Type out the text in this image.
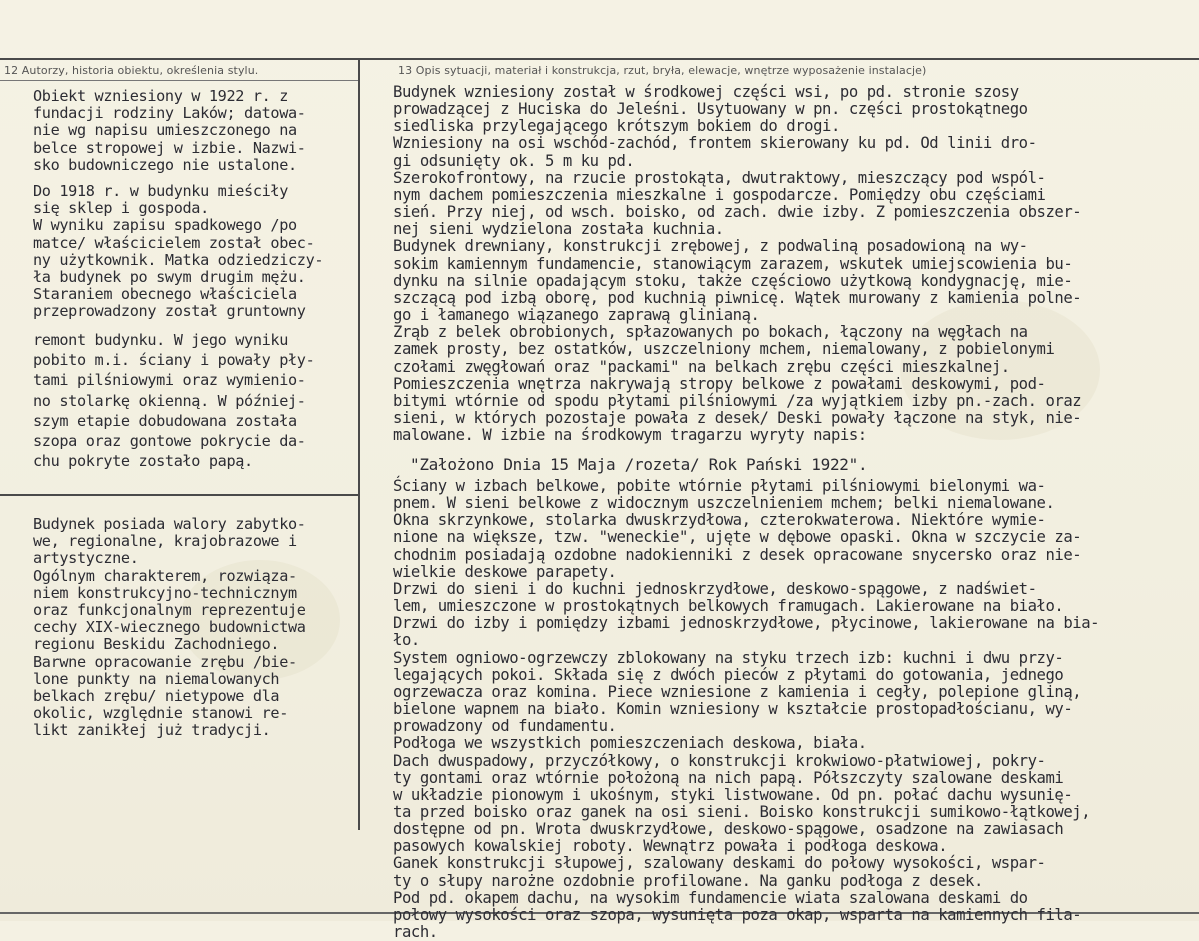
12 Autorzy, historia obiektu, określenia stylu.	13 Opis sytuacji, materiał i konstrukcja, rzut, bryła, elewacje, wnętrze wyposażenie instalacje)
Obiekt wzniesiony w 1922 r. z
fundacji rodziny Laków; datowa-
nie wg napisu umieszczonego na
belce stropowej w izbie. Nazwi-
sko budowniczego nie ustalone.
Do 1918 r. w budynku mieściły
się sklep i gospoda.
W wyniku zapisu spadkowego /po
matce/ właścicielem został obec-
ny użytkownik. Matka odziedziczy-
ła budynek po swym drugim mężu.
Staraniem obecnego właściciela
przeprowadzony został gruntowny
remont budynku. W jego wyniku
pobito m.i. ściany i powały pły-
tami pilśniowymi oraz wymienio-
no stolarkę okienną. W później-
szym etapie dobudowana została
szopa oraz gontowe pokrycie da-
chu pokryte zostało papą.
Budynek posiada walory zabytko-
we, regionalne, krajobrazowe i
artystyczne.
Ogólnym charakterem, rozwiąza-
niem konstrukcyjno-technicznym
oraz funkcjonalnym reprezentuje
cechy XIX-wiecznego budownictwa
regionu Beskidu Zachodniego.
Barwne opracowanie zrębu /bie-
lone punkty na niemalowanych
belkach zrębu/ nietypowe dla
okolic, względnie stanowi re-
likt zanikłej już tradycji.
Budynek wzniesiony został w środkowej części wsi, po pd. stronie szosy
prowadzącej z Huciska do Jeleśni. Usytuowany w pn. części prostokątnego
siedliska przylegającego krótszym bokiem do drogi.
Wzniesiony na osi wschód-zachód, frontem skierowany ku pd. Od linii dro-
gi odsunięty ok. 5 m ku pd.
Szerokofrontowy, na rzucie prostokąta, dwutraktowy, mieszczący pod wspól-
nym dachem pomieszczenia mieszkalne i gospodarcze. Pomiędzy obu częściami
sień. Przy niej, od wsch. boisko, od zach. dwie izby. Z pomieszczenia obszer-
nej sieni wydzielona została kuchnia.
Budynek drewniany, konstrukcji zrębowej, z podwaliną posadowioną na wy-
sokim kamiennym fundamencie, stanowiącym zarazem, wskutek umiejscowienia bu-
dynku na silnie opadającym stoku, także częściowo użytkową kondygnację, mie-
szczącą pod izbą oborę, pod kuchnią piwnicę. Wątek murowany z kamienia polne-
go i łamanego wiązanego zaprawą glinianą.
Zrąb z belek obrobionych, spłazowanych po bokach, łączony na węgłach na
zamek prosty, bez ostatków, uszczelniony mchem, niemalowany, z pobielonymi
czołami zwęgłowań oraz "packami" na belkach zrębu części mieszkalnej.
Pomieszczenia wnętrza nakrywają stropy belkowe z powałami deskowymi, pod-
bitymi wtórnie od spodu płytami pilśniowymi /za wyjątkiem izby pn.-zach. oraz
sieni, w których pozostaje powała z desek/ Deski powały łączone na styk, nie-
malowane. W izbie na środkowym tragarzu wyryty napis:
"Założono Dnia 15 Maja /rozeta/ Rok Pański 1922".
Ściany w izbach belkowe, pobite wtórnie płytami pilśniowymi bielonymi wa-
pnem. W sieni belkowe z widocznym uszczelnieniem mchem; belki niemalowane.
Okna skrzynkowe, stolarka dwuskrzydłowa, czterokwaterowa. Niektóre wymie-
nione na większe, tzw. "weneckie", ujęte w dębowe opaski. Okna w szczycie za-
chodnim posiadają ozdobne nadokienniki z desek opracowane snycersko oraz nie-
wielkie deskowe parapety.
Drzwi do sieni i do kuchni jednoskrzydłowe, deskowo-spągowe, z nadświet-
lem, umieszczone w prostokątnych belkowych framugach. Lakierowane na biało.
Drzwi do izby i pomiędzy izbami jednoskrzydłowe, płycinowe, lakierowane na bia-
ło.
System ogniowo-ogrzewczy zblokowany na styku trzech izb: kuchni i dwu przy-
legających pokoi. Składa się z dwóch pieców z płytami do gotowania, jednego
ogrzewacza oraz komina. Piece wzniesione z kamienia i cegły, polepione gliną,
bielone wapnem na biało. Komin wzniesiony w kształcie prostopadłościanu, wy-
prowadzony od fundamentu.
Podłoga we wszystkich pomieszczeniach deskowa, biała.
Dach dwuspadowy, przyczółkowy, o konstrukcji krokwiowo-płatwiowej, pokry-
ty gontami oraz wtórnie położoną na nich papą. Półszczyty szalowane deskami
w układzie pionowym i ukośnym, styki listwowane. Od pn. połać dachu wysunię-
ta przed boisko oraz ganek na osi sieni. Boisko konstrukcji sumikowo-łątkowej,
dostępne od pn. Wrota dwuskrzydłowe, deskowo-spągowe, osadzone na zawiasach
pasowych kowalskiej roboty. Wewnątrz powała i podłoga deskowa.
Ganek konstrukcji słupowej, szalowany deskami do połowy wysokości, wspar-
ty o słupy narożne ozdobnie profilowane. Na ganku podłoga z desek.
Pod pd. okapem dachu, na wysokim fundamencie wiata szalowana deskami do
połowy wysokości oraz szopa, wysunięta poza okap, wsparta na kamiennych fila-
rach.
